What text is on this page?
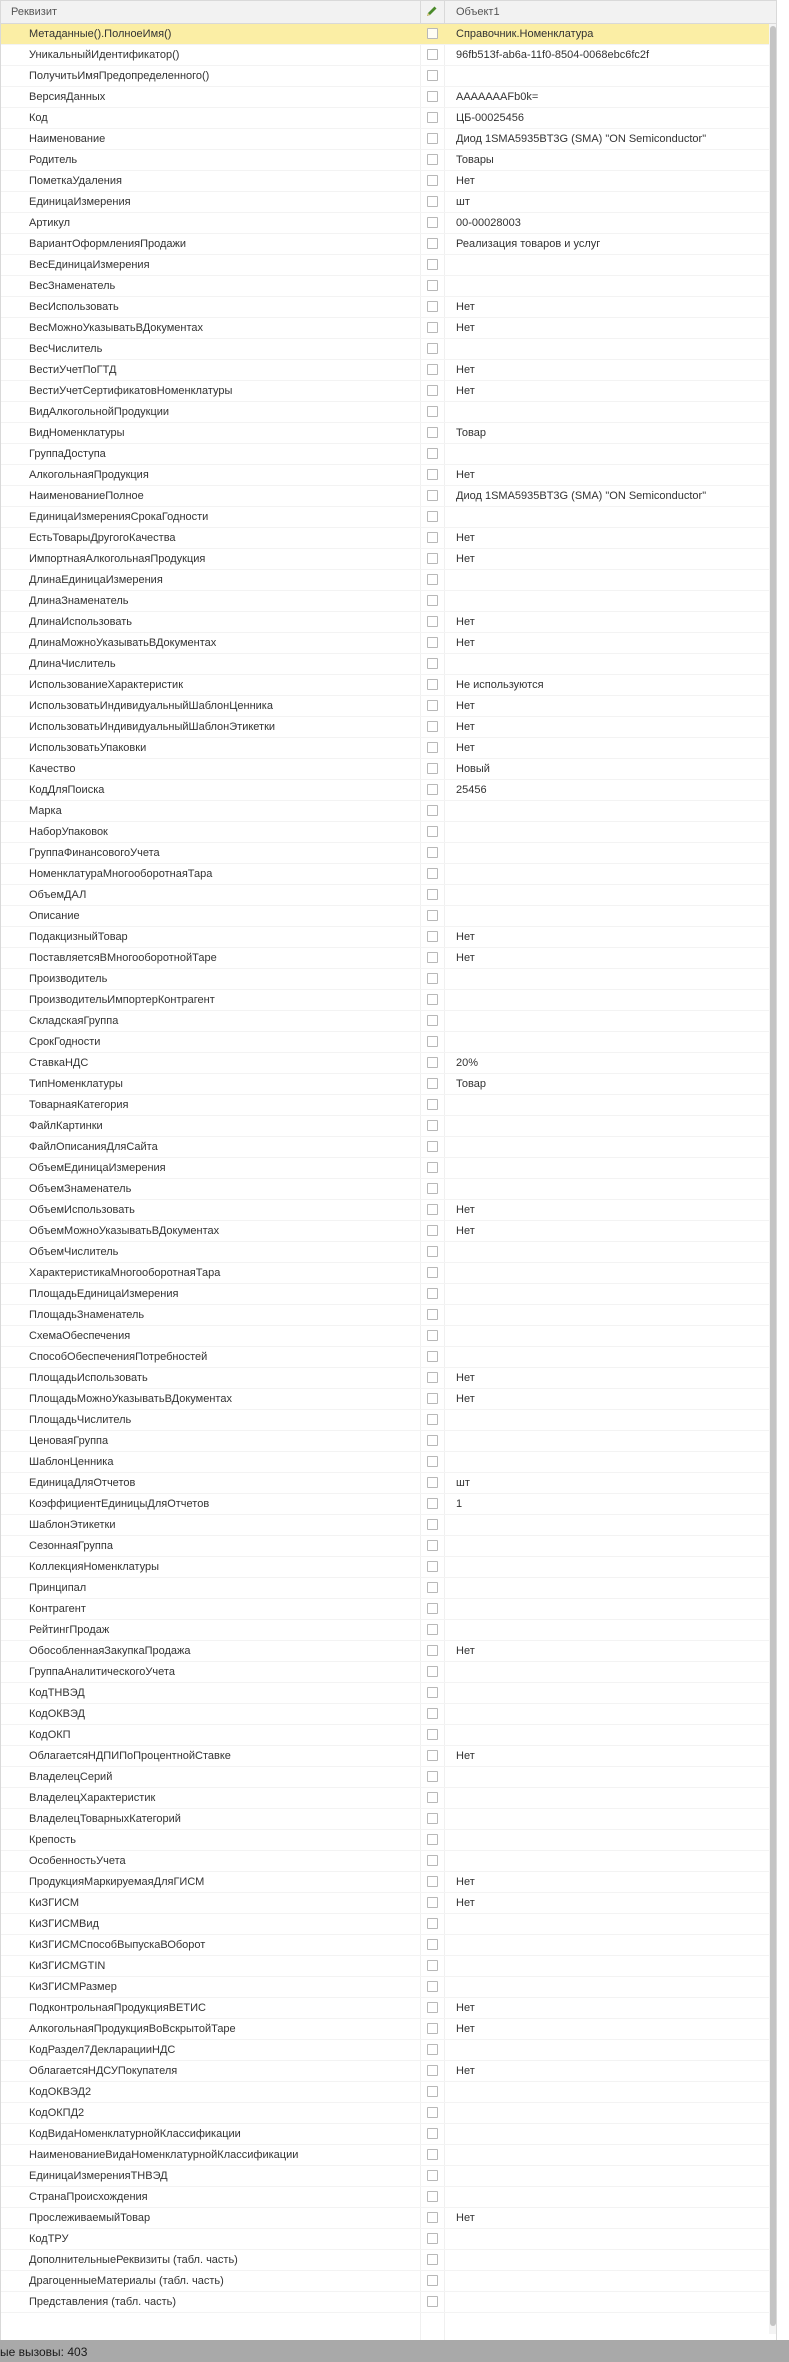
Реквизит	Объект1
Метаданные().ПолноеИмя()	Справочник.Номенклатура
УникальныйИдентификатор()	96fb513f-ab6a-11f0-8504-0068ebc6fc2f
ПолучитьИмяПредопределенного()
ВерсияДанных	AAAAAAAFb0k=
Код	ЦБ-00025456
Наименование	Диод 1SMA5935BT3G (SMA) "ON Semiconductor"
Родитель	Товары
ПометкаУдаления	Нет
ЕдиницаИзмерения	шт
Артикул	00-00028003
ВариантОформленияПродажи	Реализация товаров и услуг
ВесЕдиницаИзмерения
ВесЗнаменатель
ВесИспользовать	Нет
ВесМожноУказыватьВДокументах	Нет
ВесЧислитель
ВестиУчетПоГТД	Нет
ВестиУчетСертификатовНоменклатуры	Нет
ВидАлкогольнойПродукции
ВидНоменклатуры	Товар
ГруппаДоступа
АлкогольнаяПродукция	Нет
НаименованиеПолное	Диод 1SMA5935BT3G (SMA) "ON Semiconductor"
ЕдиницаИзмеренияСрокаГодности
ЕстьТоварыДругогоКачества	Нет
ИмпортнаяАлкогольнаяПродукция	Нет
ДлинаЕдиницаИзмерения
ДлинаЗнаменатель
ДлинаИспользовать	Нет
ДлинаМожноУказыватьВДокументах	Нет
ДлинаЧислитель
ИспользованиеХарактеристик	Не используются
ИспользоватьИндивидуальныйШаблонЦенника	Нет
ИспользоватьИндивидуальныйШаблонЭтикетки	Нет
ИспользоватьУпаковки	Нет
Качество	Новый
КодДляПоиска	25456
Марка
НаборУпаковок
ГруппаФинансовогоУчета
НоменклатураМногооборотнаяТара
ОбъемДАЛ
Описание
ПодакцизныйТовар	Нет
ПоставляетсяВМногооборотнойТаре	Нет
Производитель
ПроизводительИмпортерКонтрагент
СкладскаяГруппа
СрокГодности
СтавкаНДС	20%
ТипНоменклатуры	Товар
ТоварнаяКатегория
ФайлКартинки
ФайлОписанияДляСайта
ОбъемЕдиницаИзмерения
ОбъемЗнаменатель
ОбъемИспользовать	Нет
ОбъемМожноУказыватьВДокументах	Нет
ОбъемЧислитель
ХарактеристикаМногооборотнаяТара
ПлощадьЕдиницаИзмерения
ПлощадьЗнаменатель
СхемаОбеспечения
СпособОбеспеченияПотребностей
ПлощадьИспользовать	Нет
ПлощадьМожноУказыватьВДокументах	Нет
ПлощадьЧислитель
ЦеноваяГруппа
ШаблонЦенника
ЕдиницаДляОтчетов	шт
КоэффициентЕдиницыДляОтчетов	1
ШаблонЭтикетки
СезоннаяГруппа
КоллекцияНоменклатуры
Принципал
Контрагент
РейтингПродаж
ОбособленнаяЗакупкаПродажа	Нет
ГруппаАналитическогоУчета
КодТНВЭД
КодОКВЭД
КодОКП
ОблагаетсяНДПИПоПроцентнойСтавке	Нет
ВладелецСерий
ВладелецХарактеристик
ВладелецТоварныхКатегорий
Крепость
ОсобенностьУчета
ПродукцияМаркируемаяДляГИСМ	Нет
КиЗГИСМ	Нет
КиЗГИСМВид
КиЗГИСМСпособВыпускаВОборот
КиЗГИСМGTIN
КиЗГИСМРазмер
ПодконтрольнаяПродукцияВЕТИС	Нет
АлкогольнаяПродукцияВоВскрытойТаре	Нет
КодРаздел7ДекларацииНДС
ОблагаетсяНДСУПокупателя	Нет
КодОКВЭД2
КодОКПД2
КодВидаНоменклатурнойКлассификации
НаименованиеВидаНоменклатурнойКлассификации
ЕдиницаИзмеренияТНВЭД
СтранаПроисхождения
ПрослеживаемыйТовар	Нет
КодТРУ
ДополнительныеРеквизиты (табл. часть)
ДрагоценныеМатериалы (табл. часть)
Представления (табл. часть)
ые вызовы: 403
